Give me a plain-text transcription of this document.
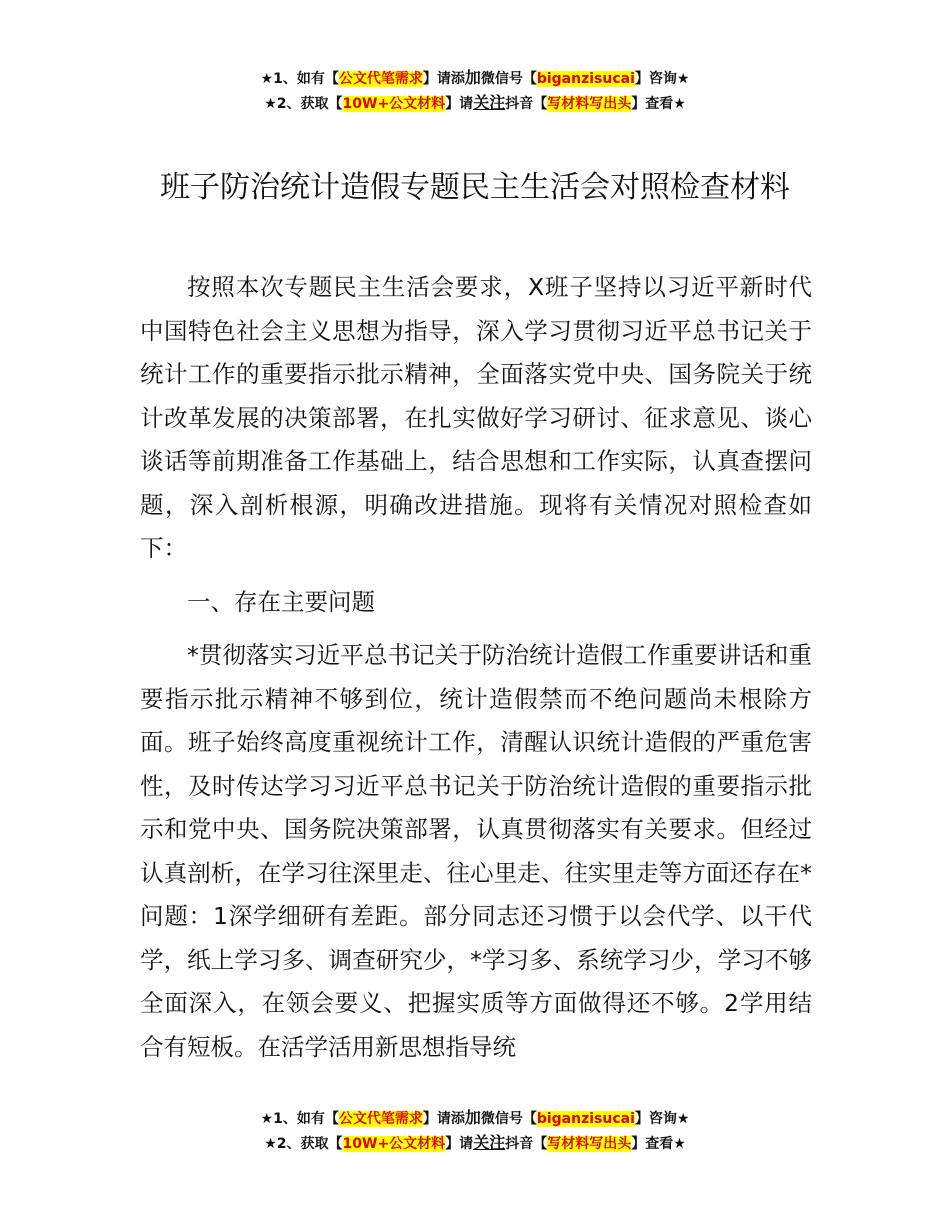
★1、如有【公文代笔需求】请添加微信号【biganzisucai】咨询★
★2、获取【10W+公文材料】请关注抖音【写材料写出头】查看★
班子防治统计造假专题民主生活会对照检查材料

按照本次专题民主生活会要求，X班子坚持以习近平新时代中国特色社会主义思想为指导，深入学习贯彻习近平总书记关于统计工作的重要指示批示精神，全面落实党中央、国务院关于统计改革发展的决策部署，在扎实做好学习研讨、征求意见、谈心谈话等前期准备工作基础上，结合思想和工作实际，认真查摆问题，深入剖析根源，明确改进措施。现将有关情况对照检查如下：

一、存在主要问题

*贯彻落实习近平总书记关于防治统计造假工作重要讲话和重要指示批示精神不够到位，统计造假禁而不绝问题尚未根除方面。班子始终高度重视统计工作，清醒认识统计造假的严重危害性，及时传达学习习近平总书记关于防治统计造假的重要指示批示和党中央、国务院决策部署，认真贯彻落实有关要求。但经过认真剖析，在学习往深里走、往心里走、往实里走等方面还存在*问题：1深学细研有差距。部分同志还习惯于以会代学、以干代学，纸上学习多、调查研究少，*学习多、系统学习少，学习不够全面深入，在领会要义、把握实质等方面做得还不够。2学用结合有短板。在活学活用新思想指导统

★1、如有【公文代笔需求】请添加微信号【biganzisucai】咨询★
★2、获取【10W+公文材料】请关注抖音【写材料写出头】查看★
